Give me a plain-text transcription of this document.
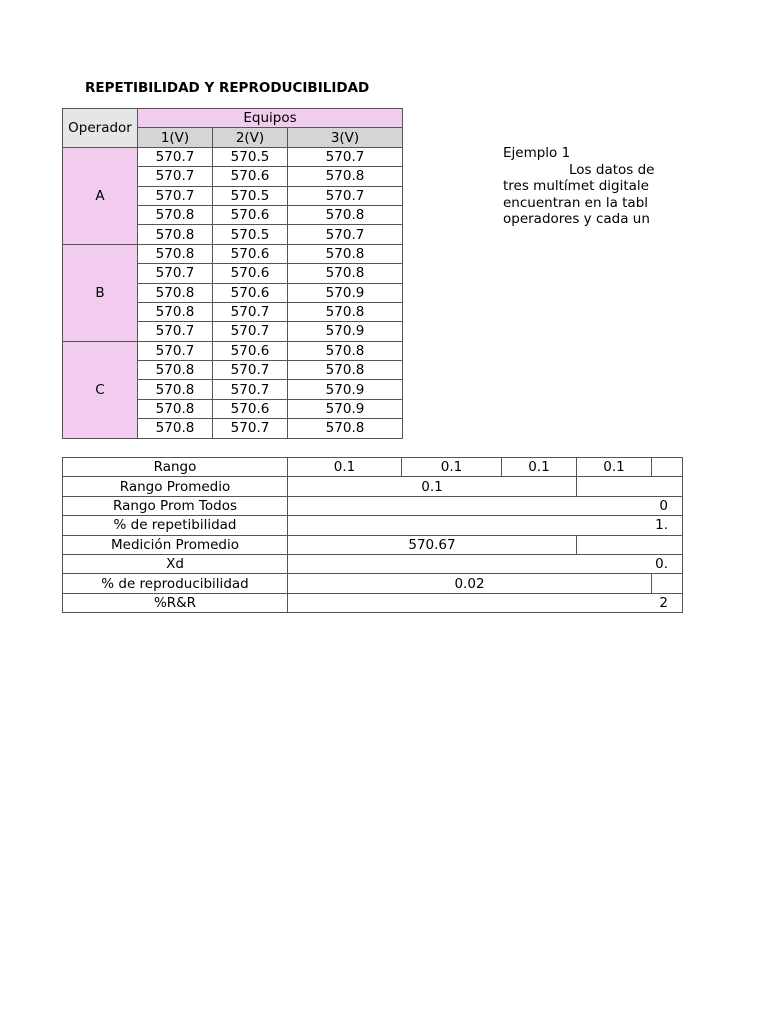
REPETIBILIDAD Y REPRODUCIBILIDAD
Operador	Equipos		
	1(V)	2(V)	3(V)
A	570.7	570.5	570.7
	570.7	570.6	570.8
	570.7	570.5	570.7
	570.8	570.6	570.8
	570.8	570.5	570.7
B	570.8	570.6	570.8
	570.7	570.6	570.8
	570.8	570.6	570.9
	570.8	570.7	570.8
	570.7	570.7	570.9
C	570.7	570.6	570.8
	570.8	570.7	570.8
	570.8	570.7	570.9
	570.8	570.6	570.9
	570.8	570.7	570.8
Ejemplo 1
Los datos de
tres multímet digitale
encuentran en la tabl
operadores y cada un
Rango	0.1	0.1	0.1	0.1	
Rango Promedio	0.1				
Rango Prom Todos	0				
% de repetibilidad	1.				
Medición Promedio	570.67				
Xd	0.				
% de reproducibilidad	0.02				
%R&R	2				
